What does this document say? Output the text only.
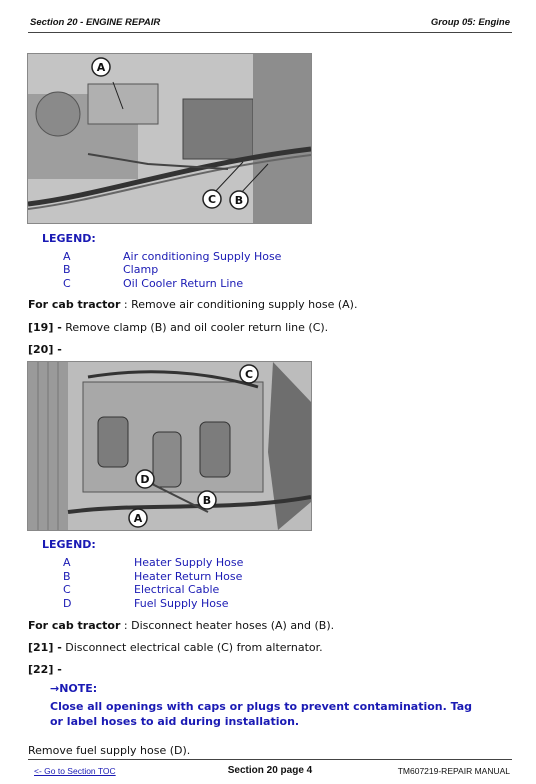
Section 20 - ENGINE REPAIR	Group 05: Engine
A
C B
LEGEND:
A	Air conditioning Supply Hose
B	Clamp
C	Oil Cooler Return Line
For cab tractor : Remove air conditioning supply hose (A).
[19] - Remove clamp (B) and oil cooler return line (C).
[20] -
C
D
B
A
LEGEND:
A	Heater Supply Hose
B	Heater Return Hose
C	Electrical Cable
D	Fuel Supply Hose
For cab tractor : Disconnect heater hoses (A) and (B).
[21] - Disconnect electrical cable (C) from alternator.
[22] -
→NOTE:
Close all openings with caps or plugs to prevent contamination. Tag or label hoses to aid during installation.
Remove fuel supply hose (D).
<- Go to Section TOC	Section 20 page 4	TM607219-REPAIR MANUAL
